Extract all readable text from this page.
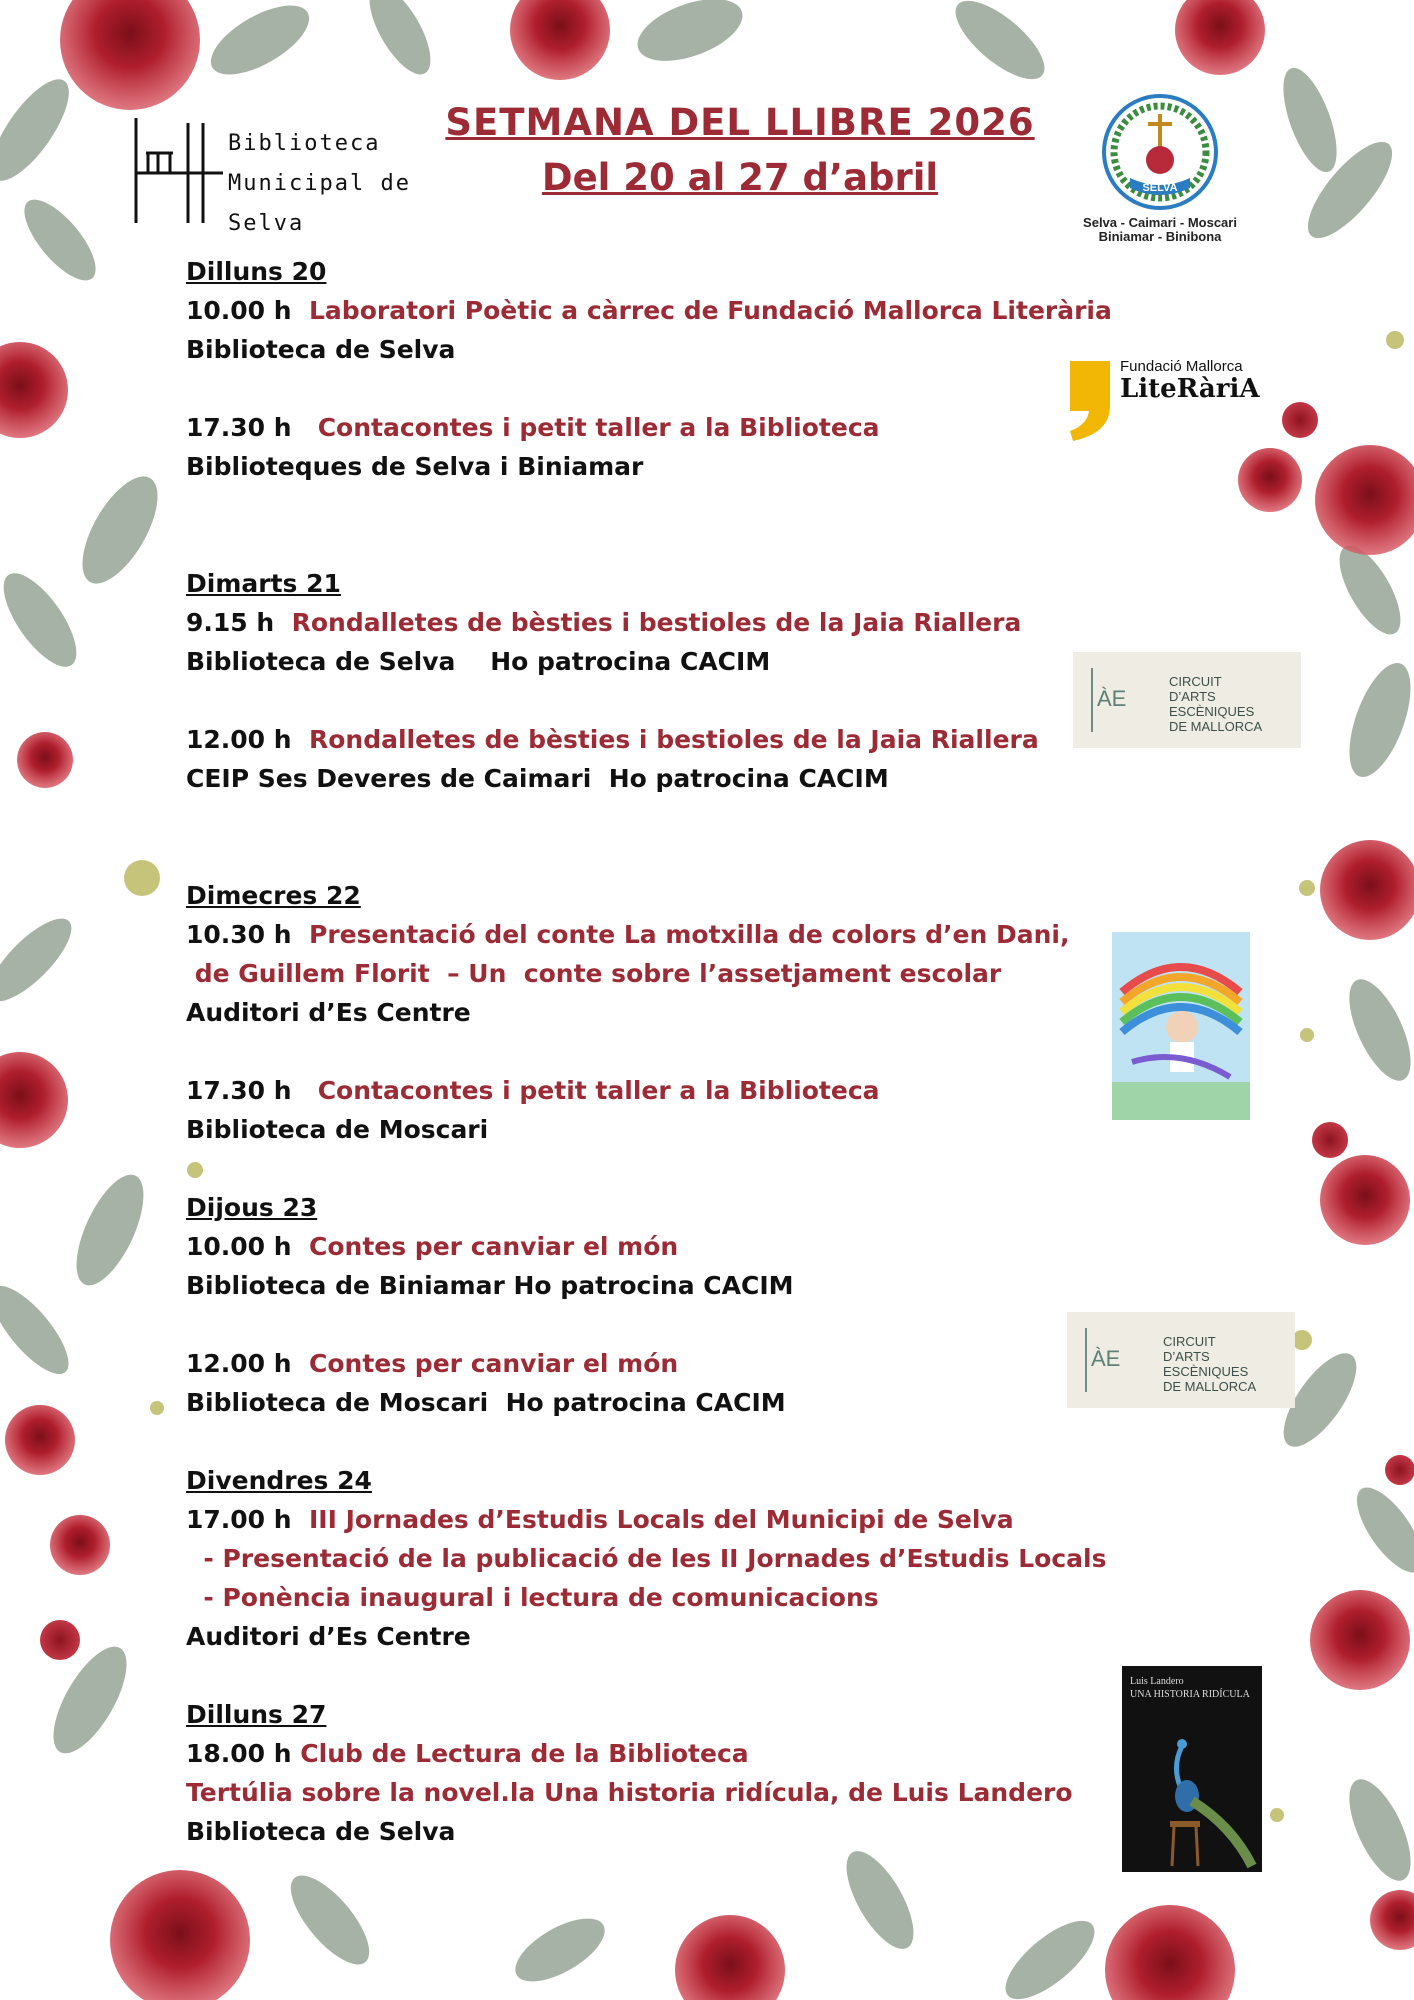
Biblioteca
Municipal de Selva
SETMANA DEL LLIBRE 2026
Del 20 al 27 d’abril	SELVA
Selva - Caimari - Moscari
Biniamar - Binibona
Fundació Mallorca
LiteRàriA
ÀE
CIRCUIT
D’ARTS ESCÈNIQUES
DE MALLORCA
ÀE
CIRCUIT
D’ARTS ESCÈNIQUES
DE MALLORCA
Luis Landero
UNA HISTORIA RIDÍCULA
Dilluns 20
10.00 h  Laboratori Poètic a càrrec de Fundació Mallorca Literària
Biblioteca de Selva
17.30 h   Contacontes i petit taller a la Biblioteca
Biblioteques de Selva i Biniamar
Dimarts 21
9.15 h  Rondalletes de bèsties i bestioles de la Jaia Riallera
Biblioteca de Selva    Ho patrocina CACIM
12.00 h  Rondalletes de bèsties i bestioles de la Jaia Riallera
CEIP Ses Deveres de Caimari  Ho patrocina CACIM
Dimecres 22
10.30 h  Presentació del conte La motxilla de colors d’en Dani,
de Guillem Florit  – Un  conte sobre l’assetjament escolar
Auditori d’Es Centre
17.30 h   Contacontes i petit taller a la Biblioteca
Biblioteca de Moscari
Dijous 23
10.00 h  Contes per canviar el món
Biblioteca de Biniamar Ho patrocina CACIM
12.00 h  Contes per canviar el món
Biblioteca de Moscari  Ho patrocina CACIM
Divendres 24
17.00 h  III Jornades d’Estudis Locals del Municipi de Selva
- Presentació de la publicació de les II Jornades d’Estudis Locals
- Ponència inaugural i lectura de comunicacions
Auditori d’Es Centre
Dilluns 27
18.00 h Club de Lectura de la Biblioteca
Tertúlia sobre la novel.la Una historia ridícula, de Luis Landero
Biblioteca de Selva
